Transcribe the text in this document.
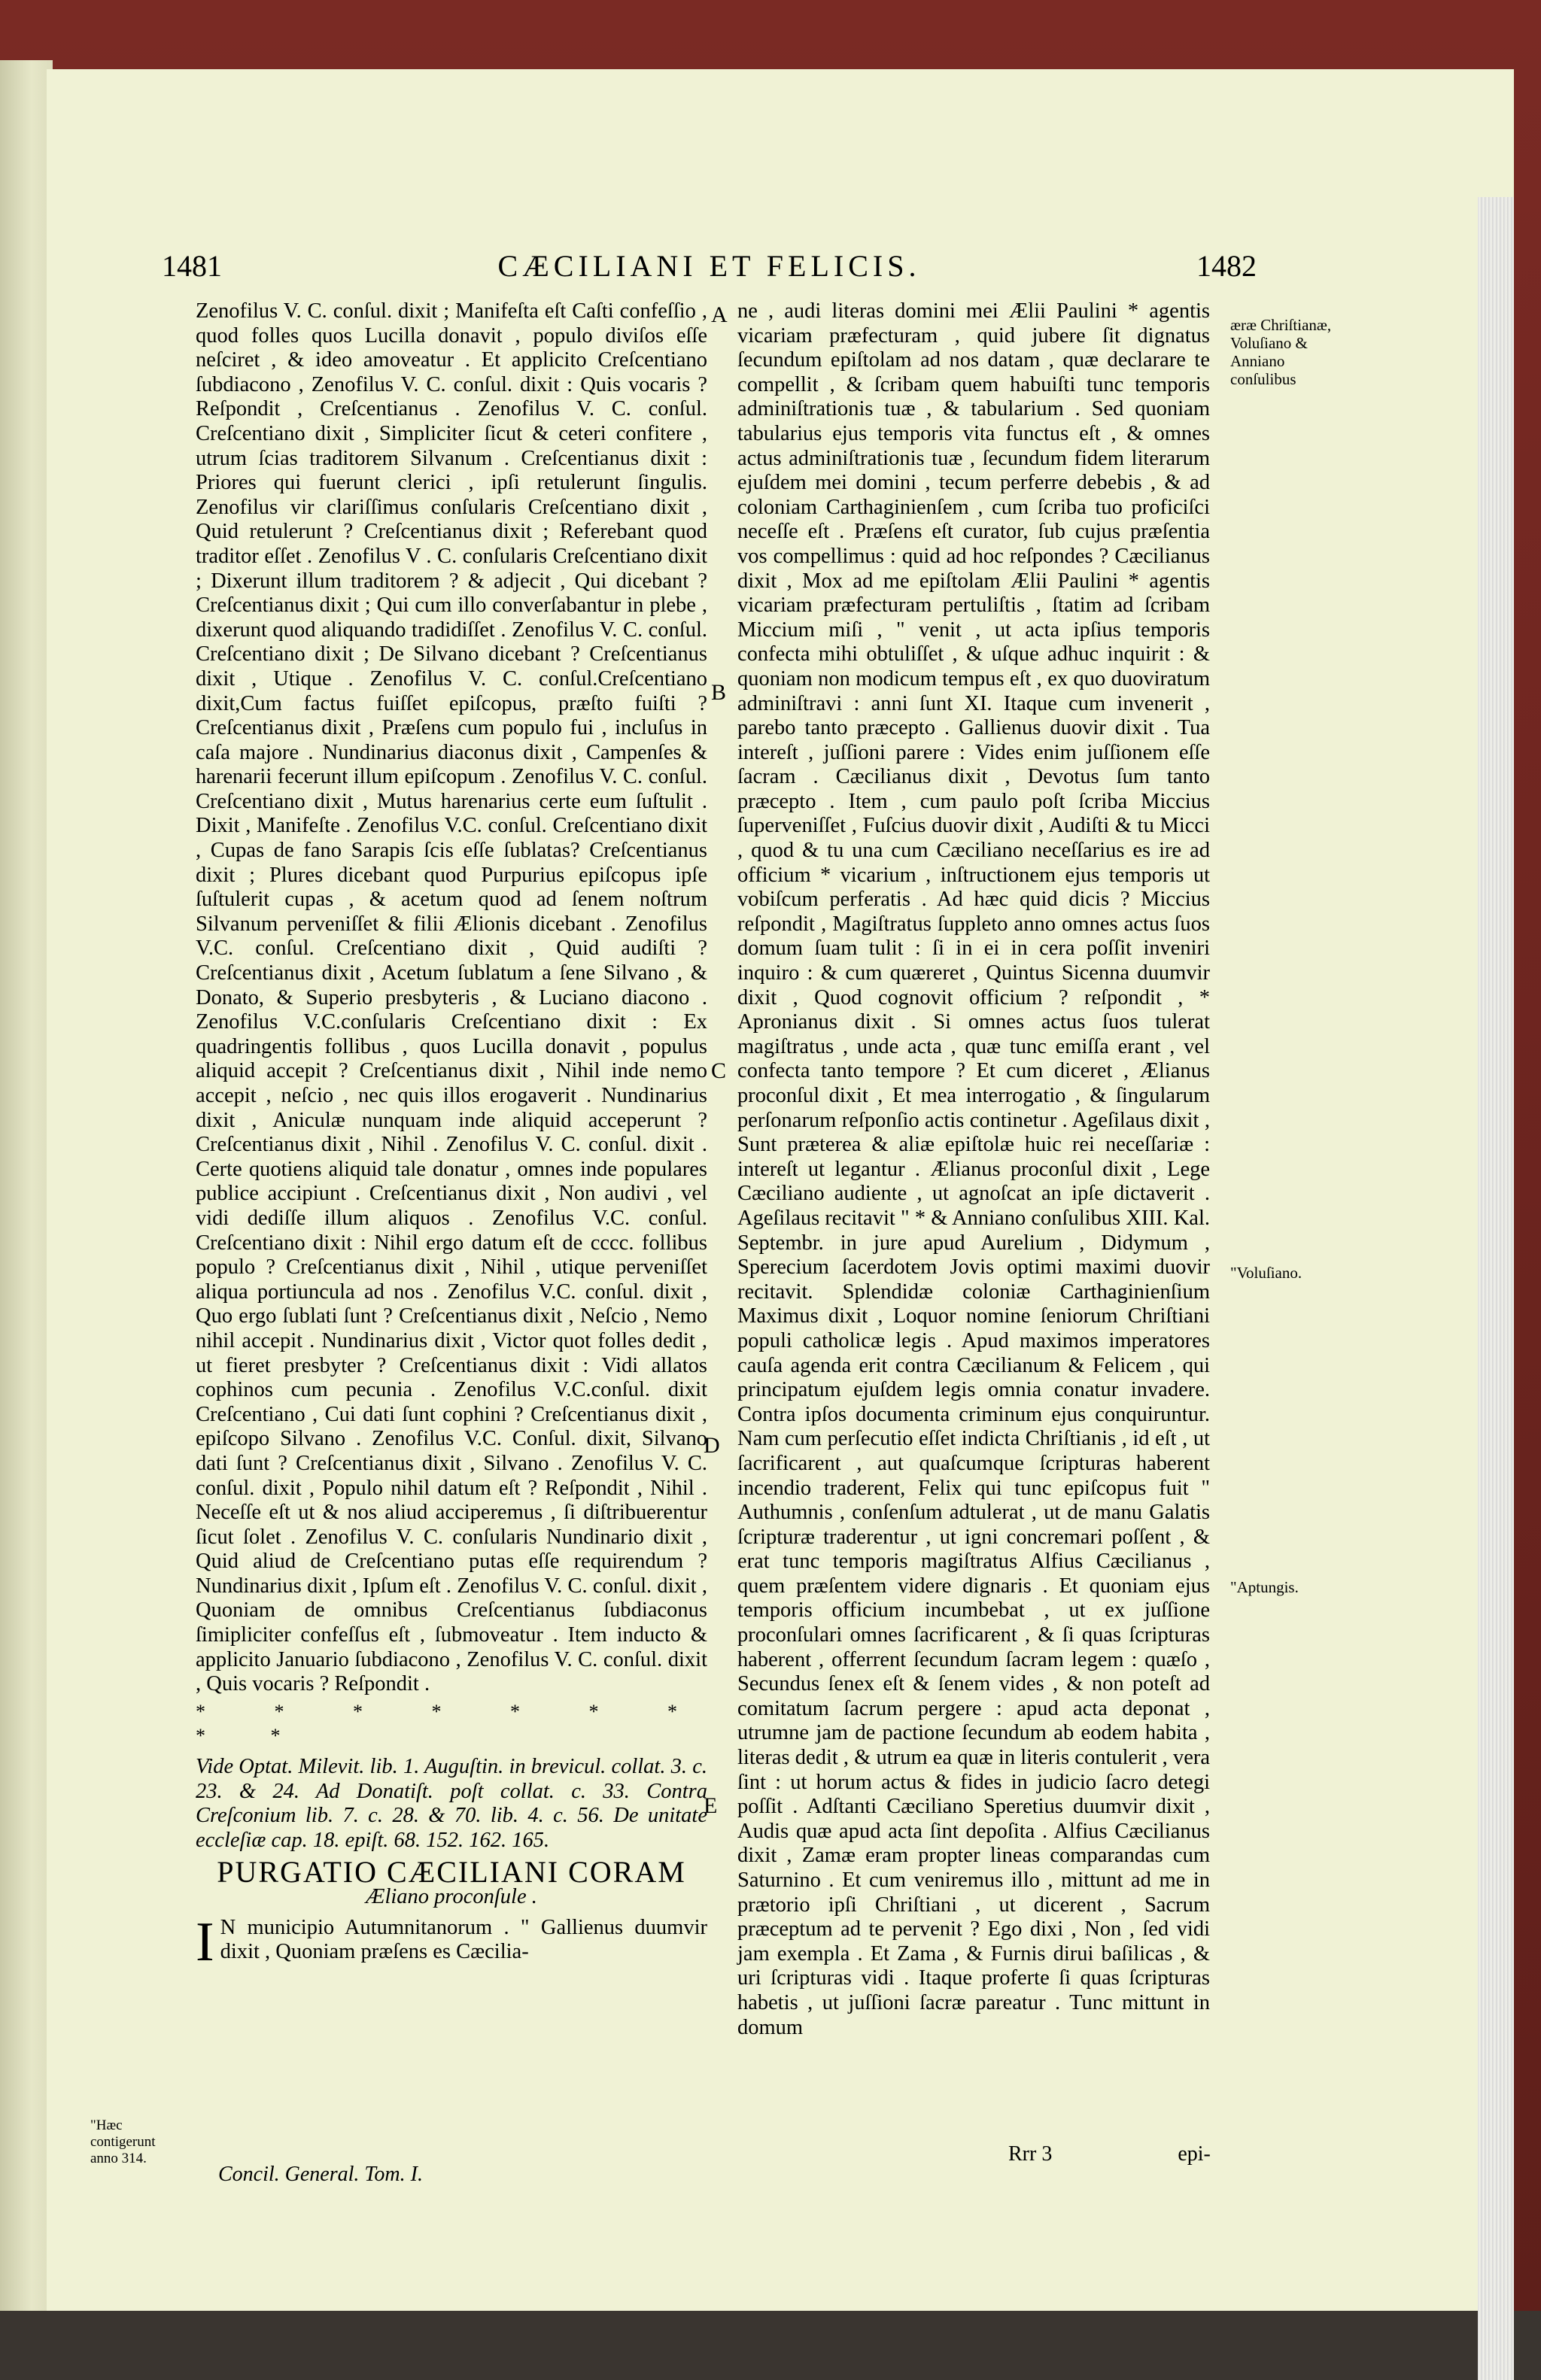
1481	CÆCILIANI ET FELICIS.	1482

Zenofilus V. C. conſul. dixit ; Manifeſta eſt Caſti confeſſio , quod folles quos Lucilla donavit , populo diviſos eſſe neſciret , & ideo amoveatur . Et applicito Creſcentiano ſubdiacono , Zenofilus V. C. conſul. dixit : Quis vocaris ? Reſpondit , Creſcentianus . Zenofilus V. C. conſul. Creſcentiano dixit , Simpliciter ſicut & ceteri confitere , utrum ſcias traditorem Silvanum . Creſcentianus dixit : Priores qui fuerunt clerici , ipſi retulerunt ſingulis. Zenofilus vir clariſſimus conſularis Creſcentiano dixit , Quid retulerunt ? Creſcentianus dixit ; Referebant quod traditor eſſet . Zenofilus V . C. conſularis Creſcentiano dixit ; Dixerunt illum traditorem ? & adjecit , Qui dicebant ? Creſcentianus dixit ; Qui cum illo converſabantur in plebe , dixerunt quod aliquando tradidiſſet . Zenofilus V. C. conſul. Creſcentiano dixit ; De Silvano dicebant ? Creſcentianus dixit , Utique . Zenofilus V. C. conſul.Creſcentiano dixit,Cum factus fuiſſet epiſcopus, præſto fuiſti ? Creſcentianus dixit , Præſens cum populo fui , incluſus in caſa majore . Nundinarius diaconus dixit , Campenſes & harenarii fecerunt illum epiſcopum . Zenofilus V. C. conſul. Creſcentiano dixit , Mutus harenarius certe eum ſuſtulit . Dixit , Manifeſte . Zenofilus V.C. conſul. Creſcentiano dixit , Cupas de fano Sarapis ſcis eſſe ſublatas? Creſcentianus dixit ; Plures dicebant quod Purpurius epiſcopus ipſe ſuſtulerit cupas , & acetum quod ad ſenem noſtrum Silvanum perveniſſet & filii Ælionis dicebant . Zenofilus V.C. conſul. Creſcentiano dixit , Quid audiſti ? Creſcentianus dixit , Acetum ſublatum a ſene Silvano , & Donato, & Superio presbyteris , & Luciano diacono . Zenofilus V.C.conſularis Creſcentiano dixit : Ex quadringentis follibus , quos Lucilla donavit , populus aliquid accepit ? Creſcentianus dixit , Nihil inde nemo accepit , neſcio , nec quis illos erogaverit . Nundinarius dixit , Aniculæ nunquam inde aliquid acceperunt ? Creſcentianus dixit , Nihil . Zenofilus V. C. conſul. dixit . Certe quotiens aliquid tale donatur , omnes inde populares publice accipiunt . Creſcentianus dixit , Non audivi , vel vidi dediſſe illum aliquos . Zenofilus V.C. conſul. Creſcentiano dixit : Nihil ergo datum eſt de cccc. follibus populo ? Creſcentianus dixit , Nihil , utique perveniſſet aliqua portiuncula ad nos . Zenofilus V.C. conſul. dixit , Quo ergo ſublati ſunt ? Creſcentianus dixit , Neſcio , Nemo nihil accepit . Nundinarius dixit , Victor quot folles dedit , ut fieret presbyter ? Creſcentianus dixit : Vidi allatos cophinos cum pecunia . Zenofilus V.C.conſul. dixit Creſcentiano , Cui dati ſunt cophini ? Creſcentianus dixit , epiſcopo Silvano . Zenofilus V.C. Conſul. dixit, Silvano dati ſunt ? Creſcentianus dixit , Silvano . Zenofilus V. C. conſul. dixit , Populo nihil datum eſt ? Reſpondit , Nihil . Neceſſe eſt ut & nos aliud acciperemus , ſi diſtribuerentur ſicut ſolet . Zenofilus V. C. conſularis Nundinario dixit , Quid aliud de Creſcentiano putas eſſe requirendum ? Nundinarius dixit , Ipſum eſt . Zenofilus V. C. conſul. dixit , Quoniam de omnibus Creſcentianus ſubdiaconus ſimipliciter confeſſus eſt , ſubmoveatur . Item inducto & applicito Januario ſubdiacono , Zenofilus V. C. conſul. dixit , Quis vocaris ? Reſpondit .

* * * * * * * * *
Vide Optat. Milevit. lib. 1. Auguſtin. in brevicul. collat. 3. c. 23. & 24. Ad Donatiſt. poſt collat. c. 33. Contra Creſconium lib. 7. c. 28. & 70. lib. 4. c. 56. De unitate eccleſiæ cap. 18. epiſt. 68. 152. 162. 165.
PURGATIO CÆCILIANI CORAM
Æliano proconſule .

I N municipio Autumnitanorum . " Gallienus duumvir dixit , Quoniam præſens es Cæcilia-

Concil. General. Tom. I.

ne , audi literas domini mei Ælii Paulini * agentis vicariam præfecturam , quid jubere ſit dignatus ſecundum epiſtolam ad nos datam , quæ declarare te compellit , & ſcribam quem habuiſti tunc temporis adminiſtrationis tuæ , & tabularium . Sed quoniam tabularius ejus temporis vita functus eſt , & omnes actus adminiſtrationis tuæ , ſecundum fidem literarum ejuſdem mei domini , tecum perferre debebis , & ad coloniam Carthaginienſem , cum ſcriba tuo proficiſci neceſſe eſt . Præſens eſt curator, ſub cujus præſentia vos compellimus : quid ad hoc reſpondes ? Cæcilianus dixit , Mox ad me epiſtolam Ælii Paulini * agentis vicariam præfecturam pertuliſtis , ſtatim ad ſcribam Miccium miſi , " venit , ut acta ipſius temporis confecta mihi obtuliſſet , & uſque adhuc inquirit : & quoniam non modicum tempus eſt , ex quo duoviratum adminiſtravi : anni ſunt XI. Itaque cum invenerit , parebo tanto præcepto . Gallienus duovir dixit . Tua intereſt , juſſioni parere : Vides enim juſſionem eſſe ſacram . Cæcilianus dixit , Devotus ſum tanto præcepto . Item , cum paulo poſt ſcriba Miccius ſuperveniſſet , Fuſcius duovir dixit , Audiſti & tu Micci , quod & tu una cum Cæciliano neceſſarius es ire ad officium * vicarium , inſtructionem ejus temporis ut vobiſcum perferatis . Ad hæc quid dicis ? Miccius reſpondit , Magiſtratus ſuppleto anno omnes actus ſuos domum ſuam tulit : ſi in ei in cera poſſit inveniri inquiro : & cum quæreret , Quintus Sicenna duumvir dixit , Quod cognovit officium ? reſpondit , * Apronianus dixit . Si omnes actus ſuos tulerat magiſtratus , unde acta , quæ tunc emiſſa erant , vel confecta tanto tempore ? Et cum diceret , Ælianus proconſul dixit , Et mea interrogatio , & ſingularum perſonarum reſponſio actis continetur . Ageſilaus dixit , Sunt præterea & aliæ epiſtolæ huic rei neceſſariæ : intereſt ut legantur . Ælianus proconſul dixit , Lege Cæciliano audiente , ut agnoſcat an ipſe dictaverit . Ageſilaus recitavit " * & Anniano conſulibus XIII. Kal. Septembr. in jure apud Aurelium , Didymum , Sperecium ſacerdotem Jovis optimi maximi duovir recitavit. Splendidæ coloniæ Carthaginienſium Maximus dixit , Loquor nomine ſeniorum Chriſtiani populi catholicæ legis . Apud maximos imperatores cauſa agenda erit contra Cæcilianum & Felicem , qui principatum ejuſdem legis omnia conatur invadere. Contra ipſos documenta criminum ejus conquiruntur. Nam cum perſecutio eſſet indicta Chriſtianis , id eſt , ut ſacrificarent , aut quaſcumque ſcripturas haberent incendio traderent, Felix qui tunc epiſcopus fuit " Authumnis , conſenſum adtulerat , ut de manu Galatis ſcripturæ traderentur , ut igni concremari poſſent , & erat tunc temporis magiſtratus Alfius Cæcilianus , quem præſentem videre dignaris . Et quoniam ejus temporis officium incumbebat , ut ex juſſione proconſulari omnes ſacrificarent , & ſi quas ſcripturas haberent , offerrent ſecundum ſacram legem : quæſo , Secundus ſenex eſt & ſenem vides , & non poteſt ad comitatum ſacrum pergere : apud acta deponat , utrumne jam de pactione ſecundum ab eodem habita , literas dedit , & utrum ea quæ in literis contulerit , vera ſint : ut horum actus & fides in judicio ſacro detegi poſſit . Adſtanti Cæciliano Speretius duumvir dixit , Audis quæ apud acta ſint depoſita . Alfius Cæcilianus dixit , Zamæ eram propter lineas comparandas cum Saturnino . Et cum veniremus illo , mittunt ad me in prætorio ipſi Chriſtiani , ut dicerent , Sacrum præceptum ad te pervenit ? Ego dixi , Non , ſed vidi jam exempla . Et Zama , & Furnis dirui baſilicas , & uri ſcripturas vidi . Itaque proferte ſi quas ſcripturas habetis , ut juſſioni ſacræ pareatur . Tunc mittunt in domum

Rrr 3	epi-
A
B
C
D
E
æræ Chriſtianæ, Voluſiano & Anniano conſulibus
"Voluſiano.
"Aptungis.
"Hæc contigerunt anno 314.
